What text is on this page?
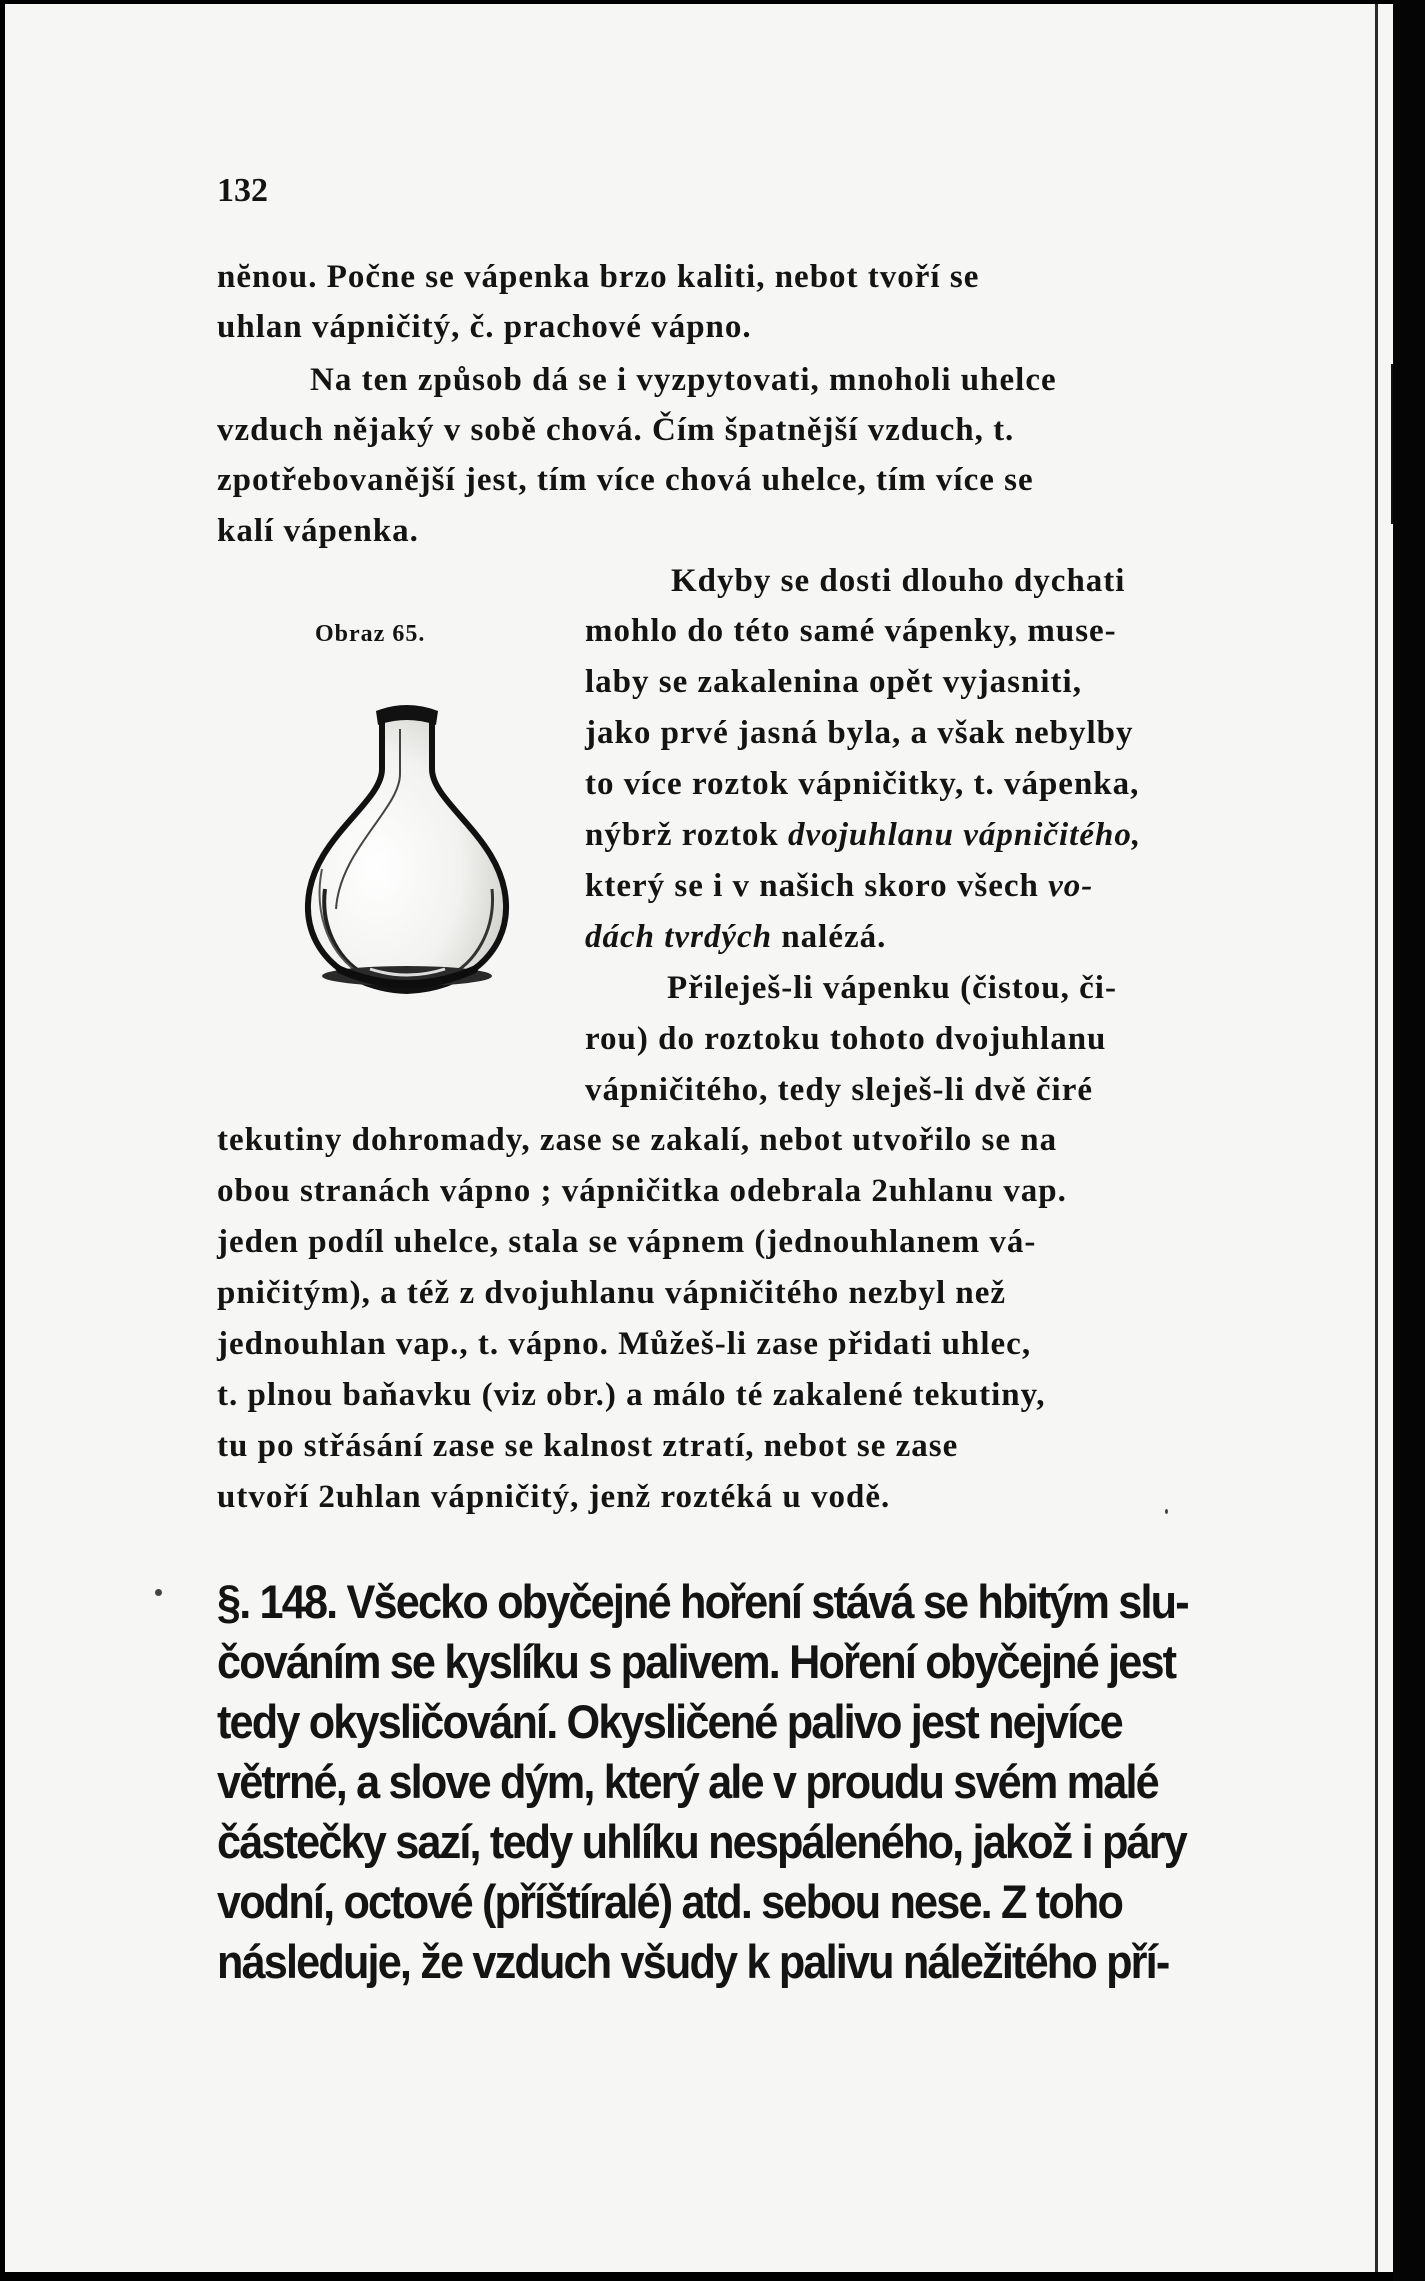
132
nĕnou. Počne se vápenka brzo kaliti, nebot tvoří se
uhlan vápničitý, č. prachové vápno.
Na ten způsob dá se i vyzpytovati, mnoholi uhelce
vzduch nějaký v sobě chová. Čím špatnější vzduch, t.
zpotřebovanější jest, tím více chová uhelce, tím více se
kalí vápenka.
Obraz 65.
Kdyby se dosti dlouho dychati
mohlo do této samé vápenky, muse-
laby se zakalenina opět vyjasniti,
jako prvé jasná byla, a však nebylby
to více roztok vápničitky, t. vápenka,
nýbrž roztok dvojuhlanu vápničitého,
který se i v našich skoro všech vo-
dách tvrdých nalézá.
Přileješ-li vápenku (čistou, či-
rou) do roztoku tohoto dvojuhlanu
vápničitého, tedy sleješ-li dvě čiré
tekutiny dohromady, zase se zakalí, nebot utvořilo se na
obou stranách vápno ; vápničitka odebrala 2uhlanu vap.
jeden podíl uhelce, stala se vápnem (jednouhlanem vá-
pničitým), a též z dvojuhlanu vápničitého nezbyl než
jednouhlan vap., t. vápno. Můžeš-li zase přidati uhlec,
t. plnou baňavku (viz obr.) a málo té zakalené tekutiny,
tu po střásání zase se kalnost ztratí, nebot se zase
utvoří 2uhlan vápničitý, jenž roztéká u vodě.
§. 148. Všecko obyčejné hoření stává se hbitým slu-
čováním se kyslíku s palivem. Hoření obyčejné jest
tedy okysličování. Okysličené palivo jest nejvíce
větrné, a slove dým, který ale v proudu svém malé
částečky sazí, tedy uhlíku nespáleného, jakož i páry
vodní, octové (příštíralé) atd. sebou nese. Z toho
následuje, že vzduch všudy k palivu náležitého pří-
